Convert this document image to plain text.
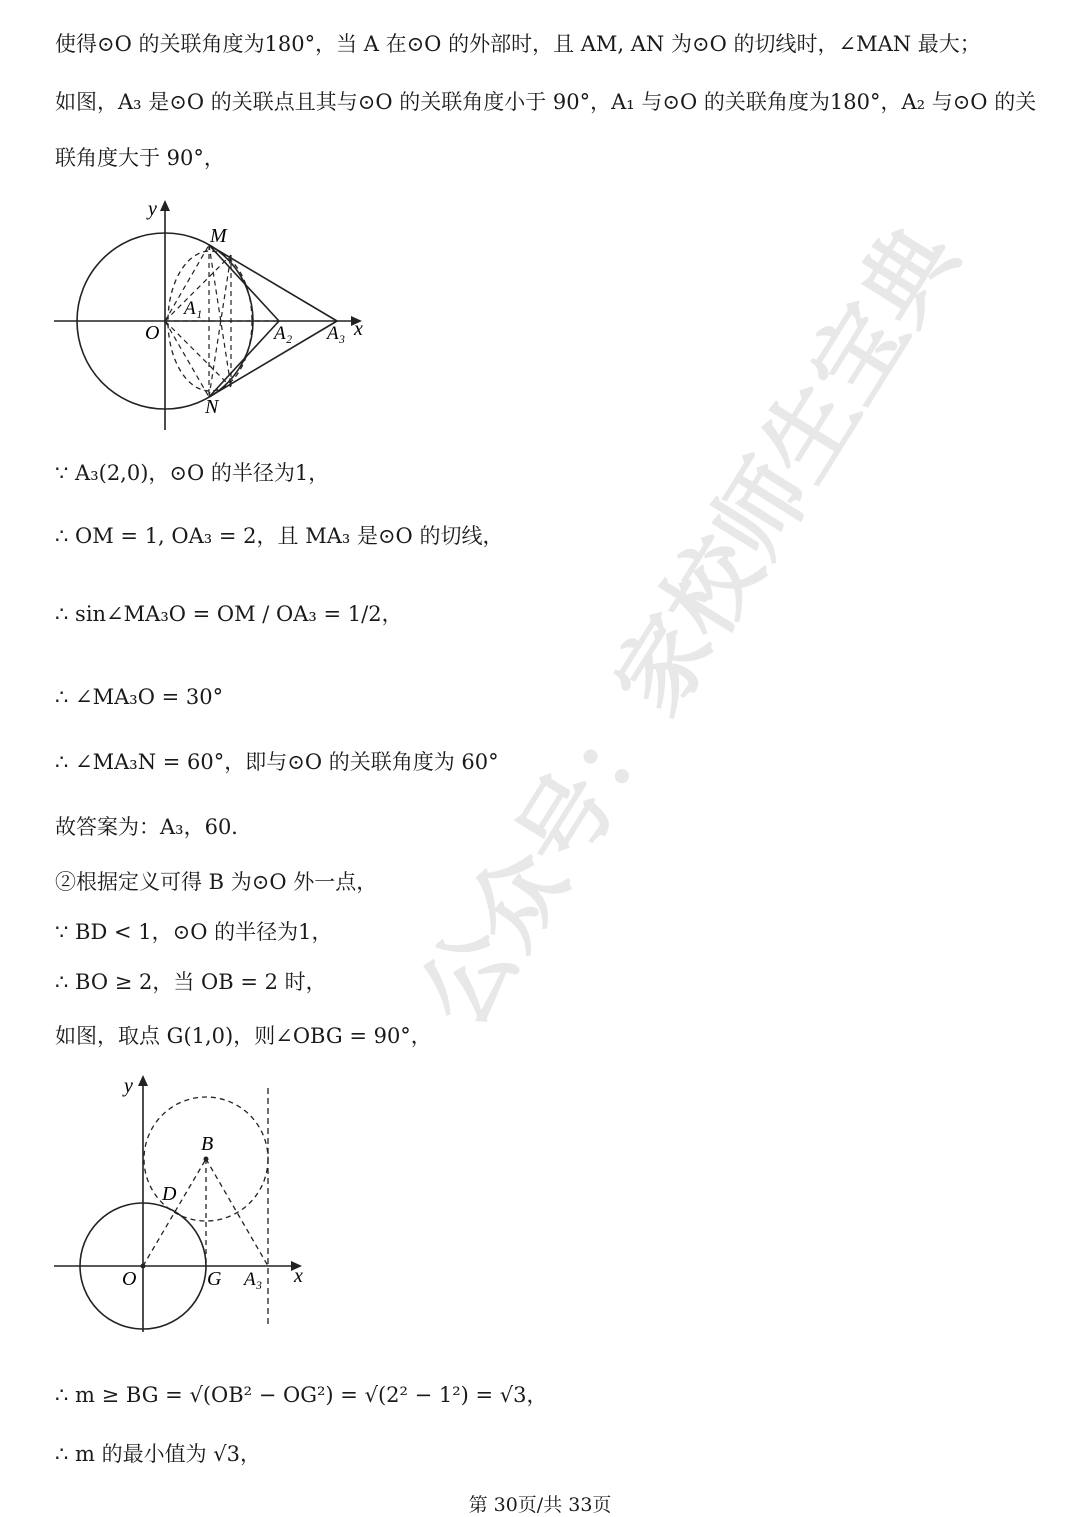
使得⊙O 的关联角度为180°，当 A 在⊙O 的外部时，且 AM, AN 为⊙O 的切线时，∠MAN 最大；
如图，A₃ 是⊙O 的关联点且其与⊙O 的关联角度小于 90°，A₁ 与⊙O 的关联角度为180°，A₂ 与⊙O 的关
联角度大于 90°，
y
M
A₁
O	A₂ A₃ x
N
∵ A₃(2,0)，⊙O 的半径为1，
∴ OM = 1, OA₃ = 2，且 MA₃ 是⊙O 的切线，
∴ sin∠MA₃O = OM / OA₃ = 1/2，
∴ ∠MA₃O = 30°
∴ ∠MA₃N = 60°，即与⊙O 的关联角度为 60°
故答案为：A₃，60．
②根据定义可得 B 为⊙O 外一点，
∵ BD < 1，⊙O 的半径为1，
∴ BO ≥ 2，当 OB = 2 时，
如图，取点 G(1,0)，则∠OBG = 90°，
y
B
D
O	G A₃ x
∴ m ≥ BG = √(OB² − OG²) = √(2² − 1²) = √3，
∴ m 的最小值为 √3，
公众号：家校师生宝典
第 30页/共 33页
